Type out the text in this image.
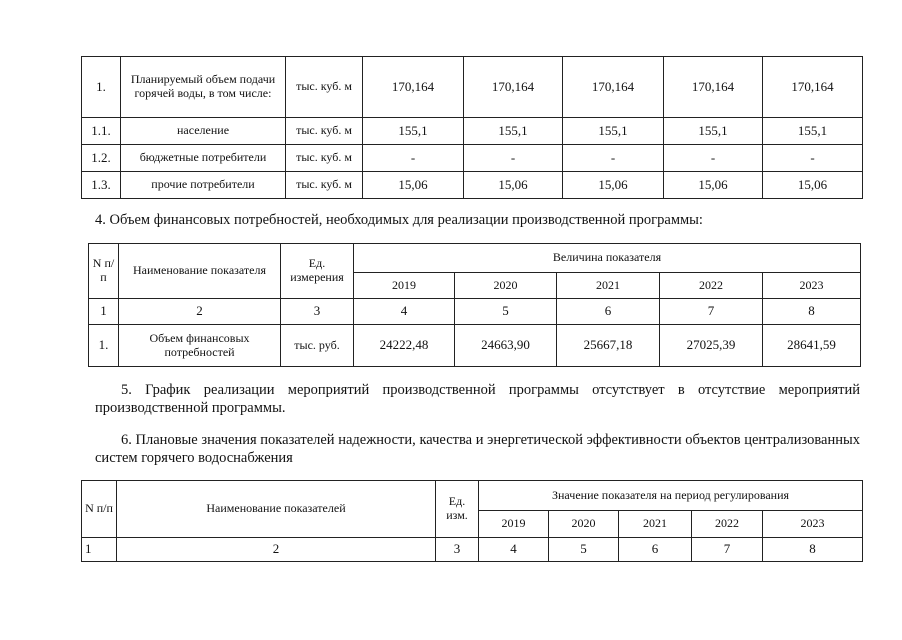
1.	Планируемый объем подачи горячей воды, в том числе:	тыс. куб. м	170,164	170,164	170,164	170,164	170,164
1.1.	население	тыс. куб. м	155,1	155,1	155,1	155,1	155,1
1.2.	бюджетные потребители	тыс. куб. м	-	-	-	-	-
1.3.	прочие потребители	тыс. куб. м	15,06	15,06	15,06	15,06	15,06
4. Объем финансовых потребностей, необходимых для реализации производственной программы:
N п/п	Наименование показателя	Ед. измерения	Величина показателя				
			2019	2020	2021	2022	2023
1	2	3	4	5	6	7	8
1.	Объем финансовых потребностей	тыс. руб.	24222,48	24663,90	25667,18	27025,39	28641,59
5. График реализации мероприятий производственной программы отсутствует в отсутствие мероприятий производственной программы.
6. Плановые значения показателей надежности, качества и энергетической эффективности объектов централизованных систем горячего водоснабжения
N п/п	Наименование показателей	Ед. изм.	Значение показателя на период регулирования				
			2019	2020	2021	2022	2023
1	2	3	4	5	6	7	8
